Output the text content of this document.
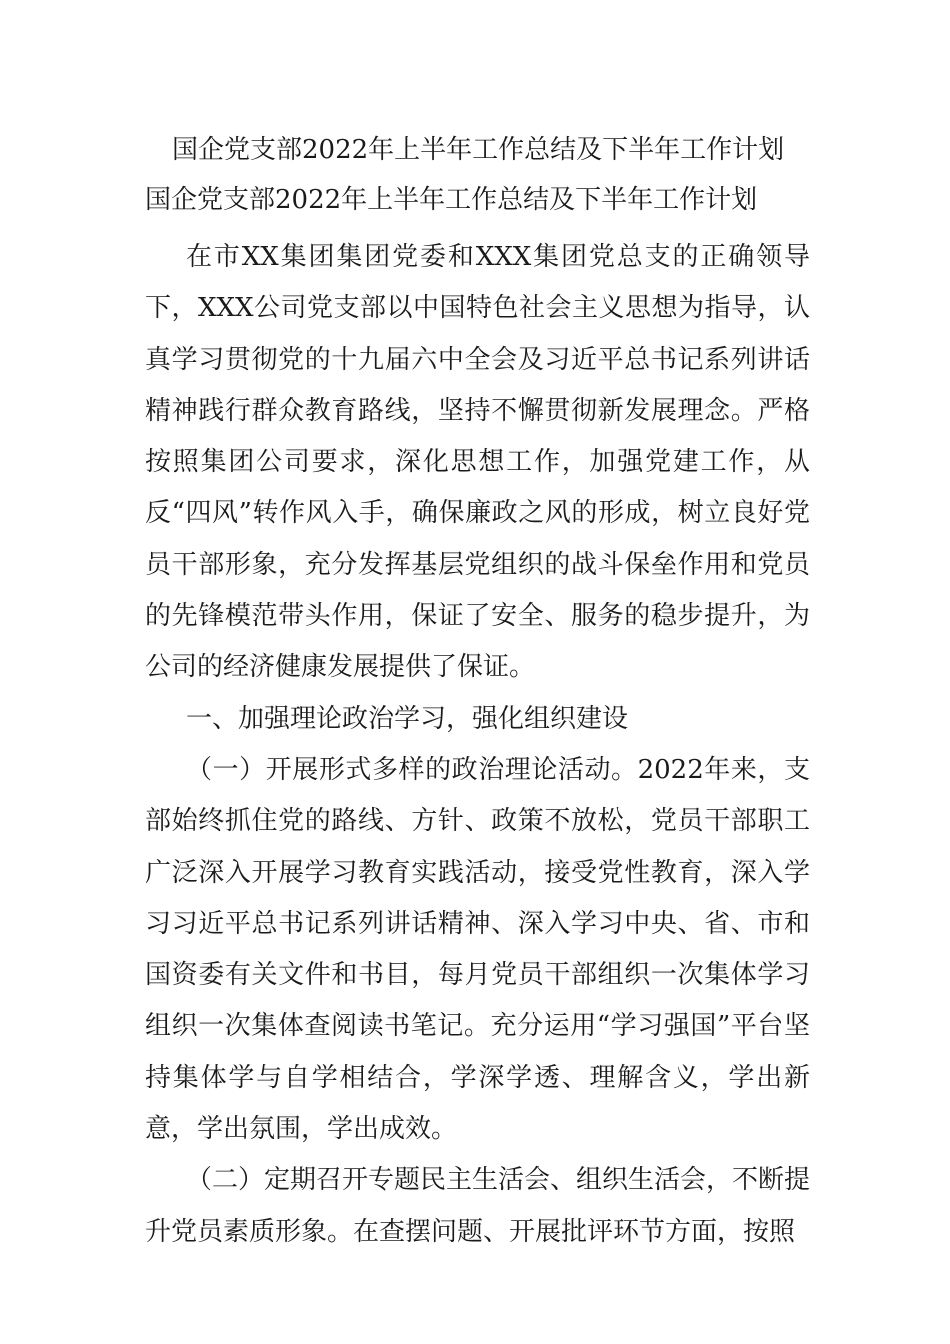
国企党支部2022年上半年工作总结及下半年工作计划
国企党支部2022年上半年工作总结及下半年工作计划

在市XX集团集团党委和XXX集团党总支的正确领导下，XXX公司党支部以中国特色社会主义思想为指导，认真学习贯彻党的十九届六中全会及习近平总书记系列讲话精神践行群众教育路线，坚持不懈贯彻新发展理念。严格按照集团公司要求，深化思想工作，加强党建工作，从反“四风”转作风入手，确保廉政之风的形成，树立良好党员干部形象，充分发挥基层党组织的战斗保垒作用和党员的先锋模范带头作用，保证了安全、服务的稳步提升，为公司的经济健康发展提供了保证。

一、加强理论政治学习，强化组织建设

（一）开展形式多样的政治理论活动。2022年来，支部始终抓住党的路线、方针、政策不放松，党员干部职工广泛深入开展学习教育实践活动，接受党性教育，深入学习习近平总书记系列讲话精神、深入学习中央、省、市和国资委有关文件和书目，每月党员干部组织一次集体学习组织一次集体查阅读书笔记。充分运用“学习强国”平台坚持集体学与自学相结合，学深学透、理解含义，学出新意，学出氛围，学出成效。

（二）定期召开专题民主生活会、组织生活会，不断提升党员素质形象。在查摆问题、开展批评环节方面，按照
